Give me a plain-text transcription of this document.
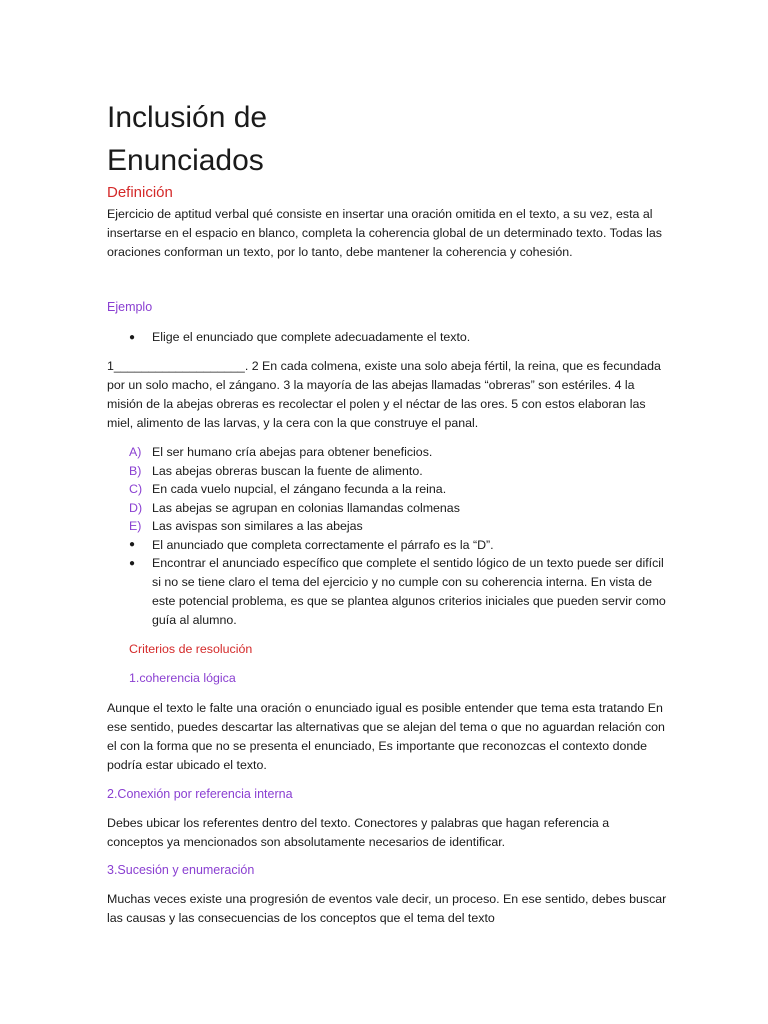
Inclusión de
Enunciados
Definición

Ejercicio de aptitud verbal qué consiste en insertar una oración omitida en el texto, a su vez, esta al insertarse en el espacio en blanco, completa la coherencia global de un determinado texto. Todas las oraciones conforman un texto, por lo tanto, debe mantener la coherencia y cohesión.

Ejemplo
● Elige el enunciado que complete adecuadamente el texto.

1___________________. 2 En cada colmena, existe una solo abeja fértil, la reina, que es fecundada por un solo macho, el zángano. 3 la mayoría de las abejas llamadas “obreras” son estériles. 4 la misión de la abejas obreras es recolectar el polen y el néctar de las ores. 5 con estos elaboran las miel, alimento de las larvas, y la cera con la que construye el panal.

A) El ser humano cría abejas para obtener beneficios.
B) Las abejas obreras buscan la fuente de alimento.
C) En cada vuelo nupcial, el zángano fecunda a la reina.
D) Las abejas se agrupan en colonias llamandas colmenas
E) Las avispas son similares a las abejas
● El anunciado que completa correctamente el párrafo es la “D”.
● Encontrar el anunciado específico que complete el sentido lógico de un texto puede ser difícil si no se tiene claro el tema del ejercicio y no cumple con su coherencia interna. En vista de este potencial problema, es que se plantea algunos criterios iniciales que pueden servir como guía al alumno.
Criterios de resolución
1.coherencia lógica

Aunque el texto le falte una oración o enunciado igual es posible entender que tema esta tratando En ese sentido, puedes descartar las alternativas que se alejan del tema o que no aguardan relación con el con la forma que no se presenta el enunciado, Es importante que reconozcas el contexto donde podría estar ubicado el texto.

2.Conexión por referencia interna

Debes ubicar los referentes dentro del texto. Conectores y palabras que hagan referencia a conceptos ya mencionados son absolutamente necesarios de identificar.

3.Sucesión y enumeración

Muchas veces existe una progresión de eventos vale decir, un proceso. En ese sentido, debes buscar las causas y las consecuencias de los conceptos que el tema del texto
